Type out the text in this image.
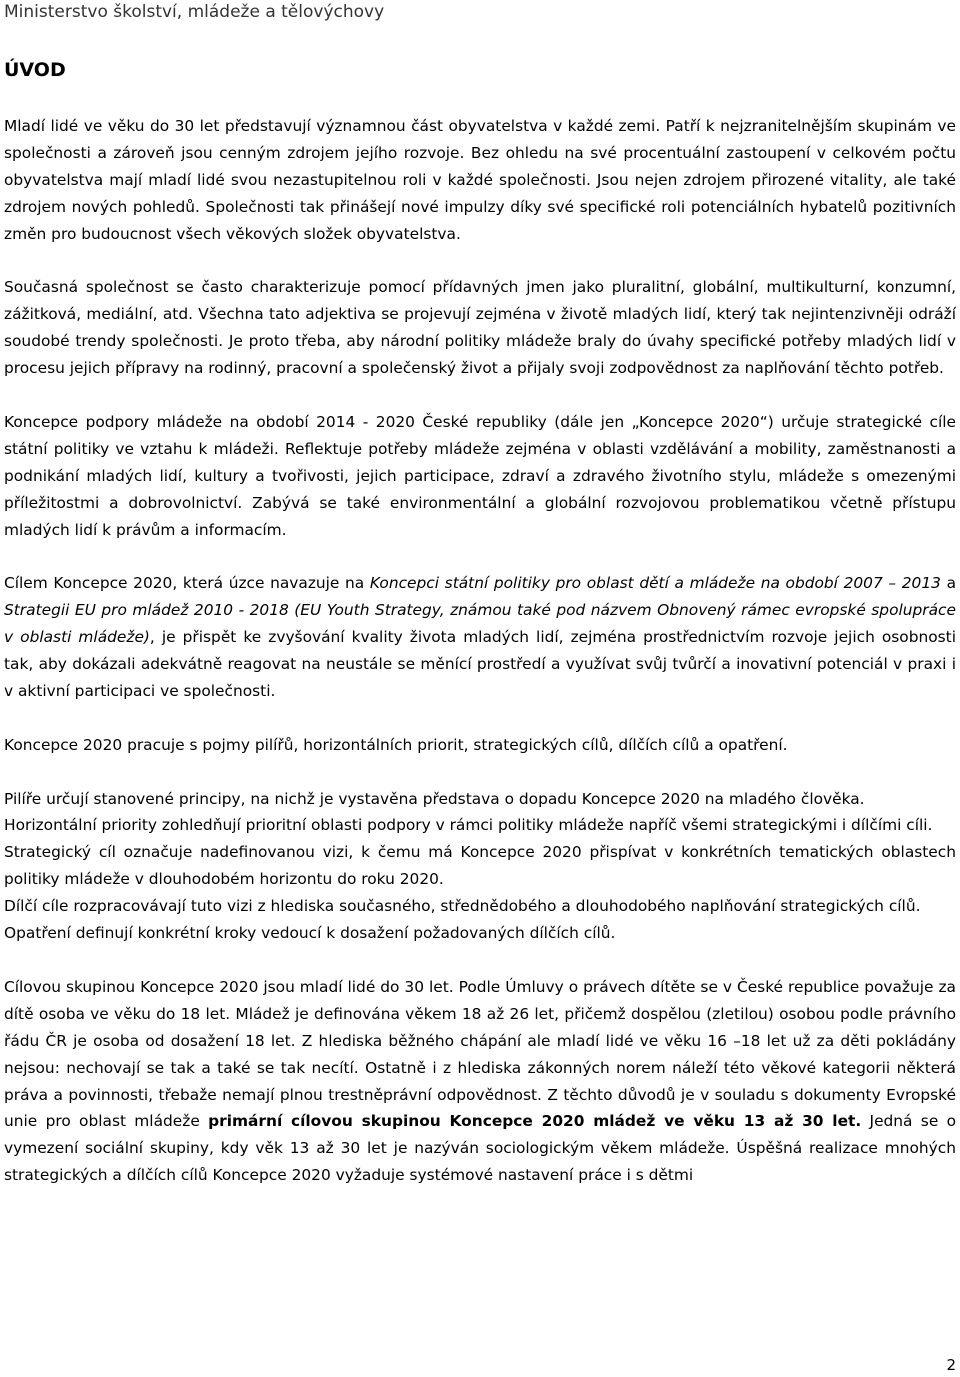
Ministerstvo školství, mládeže a tělovýchovy
ÚVOD

Mladí lidé ve věku do 30 let představují významnou část obyvatelstva v každé zemi. Patří k nejzranitelnějším skupinám ve společnosti a zároveň jsou cenným zdrojem jejího rozvoje. Bez ohledu na své procentuální zastoupení v celkovém počtu obyvatelstva mají mladí lidé svou nezastupitelnou roli v každé společnosti. Jsou nejen zdrojem přirozené vitality, ale také zdrojem nových pohledů. Společnosti tak přinášejí nové impulzy díky své specifické roli potenciálních hybatelů pozitivních změn pro budoucnost všech věkových složek obyvatelstva.

Současná společnost se často charakterizuje pomocí přídavných jmen jako pluralitní, globální, multikulturní, konzumní, zážitková, mediální, atd. Všechna tato adjektiva se projevují zejména v životě mladých lidí, který tak nejintenzivněji odráží soudobé trendy společnosti. Je proto třeba, aby národní politiky mládeže braly do úvahy specifické potřeby mladých lidí v procesu jejich přípravy na rodinný, pracovní a společenský život a přijaly svoji zodpovědnost za naplňování těchto potřeb.

Koncepce podpory mládeže na období 2014 - 2020 České republiky (dále jen „Koncepce 2020“) určuje strategické cíle státní politiky ve vztahu k mládeži. Reflektuje potřeby mládeže zejména v oblasti vzdělávání a mobility, zaměstnanosti a podnikání mladých lidí, kultury a tvořivosti, jejich participace, zdraví a zdravého životního stylu, mládeže s omezenými příležitostmi a dobrovolnictví. Zabývá se také environmentální a globální rozvojovou problematikou včetně přístupu mladých lidí k právům a informacím.

Cílem Koncepce 2020, která úzce navazuje na Koncepci státní politiky pro oblast dětí a mládeže na období 2007 – 2013 a Strategii EU pro mládež 2010 - 2018 (EU Youth Strategy, známou také pod názvem Obnovený rámec evropské spolupráce v oblasti mládeže), je přispět ke zvyšování kvality života mladých lidí, zejména prostřednictvím rozvoje jejich osobnosti tak, aby dokázali adekvátně reagovat na neustále se měnící prostředí a využívat svůj tvůrčí a inovativní potenciál v praxi i v aktivní participaci ve společnosti.

Koncepce 2020 pracuje s pojmy pilířů, horizontálních priorit, strategických cílů, dílčích cílů a opatření.

Pilíře určují stanovené principy, na nichž je vystavěna představa o dopadu Koncepce 2020 na mladého člověka.

Horizontální priority zohledňují prioritní oblasti podpory v rámci politiky mládeže napříč všemi strategickými i dílčími cíli.

Strategický cíl označuje nadefinovanou vizi, k čemu má Koncepce 2020 přispívat v konkrétních tematických oblastech politiky mládeže v dlouhodobém horizontu do roku 2020.

Dílčí cíle rozpracovávají tuto vizi z hlediska současného, střednědobého a dlouhodobého naplňování strategických cílů.

Opatření definují konkrétní kroky vedoucí k dosažení požadovaných dílčích cílů.

Cílovou skupinou Koncepce 2020 jsou mladí lidé do 30 let. Podle Úmluvy o právech dítěte se v České republice považuje za dítě osoba ve věku do 18 let. Mládež je definována věkem 18 až 26 let, přičemž dospělou (zletilou) osobou podle právního řádu ČR je osoba od dosažení 18 let. Z hlediska běžného chápání ale mladí lidé ve věku 16 –18 let už za děti pokládány nejsou: nechovají se tak a také se tak necítí. Ostatně i z hlediska zákonných norem náleží této věkové kategorii některá práva a povinnosti, třebaže nemají plnou trestněprávní odpovědnost. Z těchto důvodů je v souladu s dokumenty Evropské unie pro oblast mládeže primární cílovou skupinou Koncepce 2020 mládež ve věku 13 až 30 let. Jedná se o vymezení sociální skupiny, kdy věk 13 až 30 let je nazýván sociologickým věkem mládeže. Úspěšná realizace mnohých strategických a dílčích cílů Koncepce 2020 vyžaduje systémové nastavení práce i s dětmi

2
